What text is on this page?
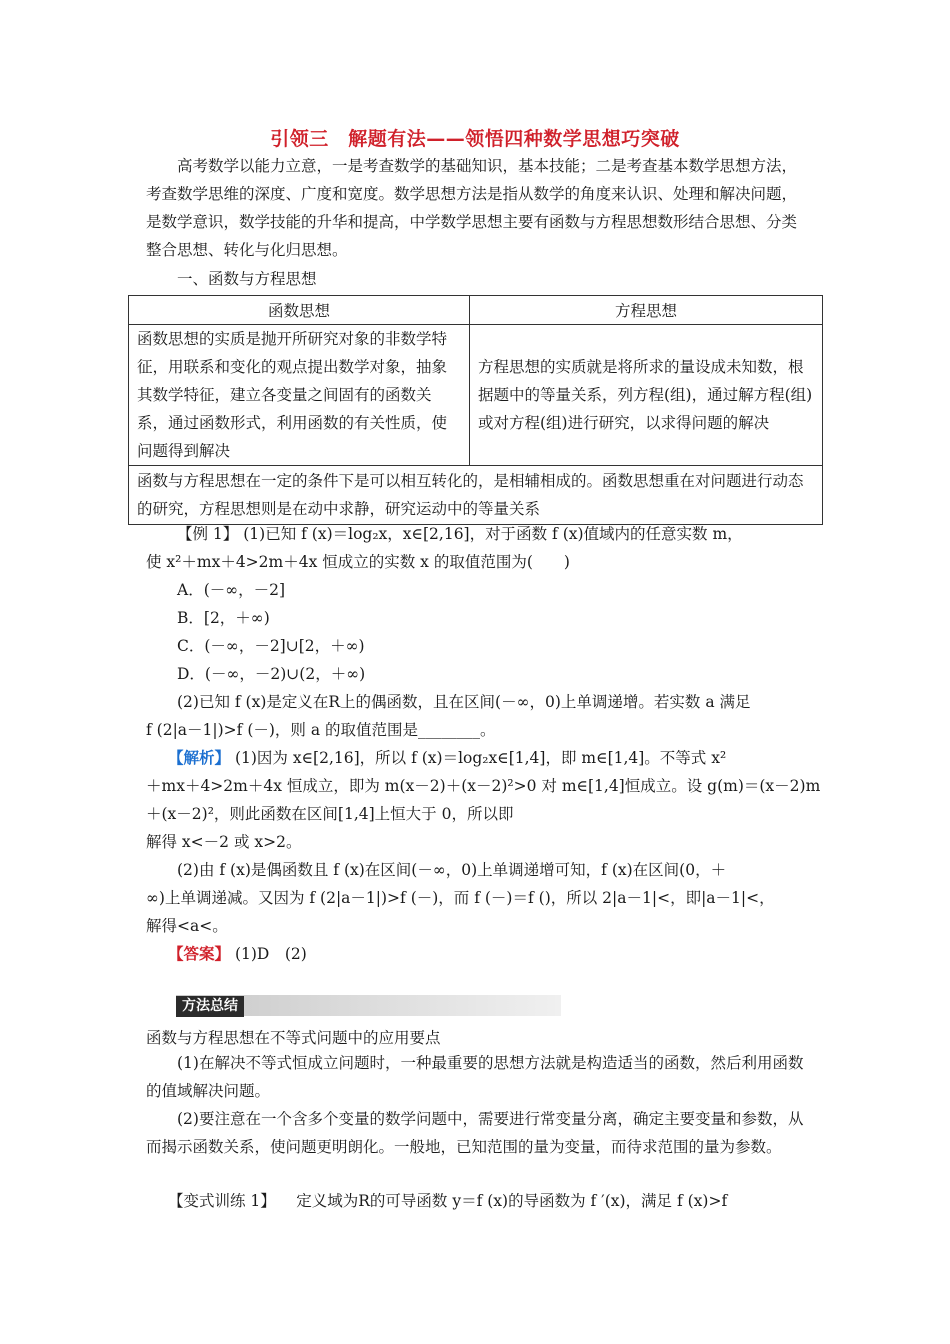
引领三　解题有法——领悟四种数学思想巧突破
高考数学以能力立意，一是考查数学的基础知识，基本技能；二是考查基本数学思想方法，考查数学思维的深度、广度和宽度。数学思想方法是指从数学的角度来认识、处理和解决问题，是数学意识，数学技能的升华和提高，中学数学思想主要有函数与方程思想数形结合思想、分类整合思想、转化与化归思想。
一、函数与方程思想
函数思想	方程思想
函数思想的实质是抛开所研究对象的非数学特征，用联系和变化的观点提出数学对象，抽象其数学特征，建立各变量之间固有的函数关系，通过函数形式，利用函数的有关性质，使问题得到解决	方程思想的实质就是将所求的量设成未知数，根据题中的等量关系，列方程(组)，通过解方程(组)或对方程(组)进行研究，以求得问题的解决
函数与方程思想在一定的条件下是可以相互转化的，是相辅相成的。函数思想重在对问题进行动态的研究，方程思想则是在动中求静，研究运动中的等量关系	
【例 1】 (1)已知 f (x)＝log₂x，x∈[2,16]，对于函数 f (x)值域内的任意实数 m，
使 x²＋mx＋4>2m＋4x 恒成立的实数 x 的取值范围为(　　)
A．(－∞，－2]
B．[2，＋∞)
C．(－∞，－2]∪[2，＋∞)
D．(－∞，－2)∪(2，＋∞)
(2)已知 f (x)是定义在R上的偶函数，且在区间(－∞，0)上单调递增。若实数 a 满足
f (2|a－1|)>f (－)，则 a 的取值范围是________。
【解析】 (1)因为 x∈[2,16]，所以 f (x)＝log₂x∈[1,4]，即 m∈[1,4]。不等式 x²
＋mx＋4>2m＋4x 恒成立，即为 m(x－2)＋(x－2)²>0 对 m∈[1,4]恒成立。设 g(m)＝(x－2)m
＋(x－2)²，则此函数在区间[1,4]上恒大于 0，所以即
解得 x<－2 或 x>2。
(2)由 f (x)是偶函数且 f (x)在区间(－∞，0)上单调递增可知，f (x)在区间(0，＋
∞)上单调递减。又因为 f (2|a－1|)>f (－)，而 f (－)＝f ()，所以 2|a－1|<，即|a－1|<，
解得<a<。
【答案】 (1)D　(2)
方法总结
函数与方程思想在不等式问题中的应用要点
(1)在解决不等式恒成立问题时，一种最重要的思想方法就是构造适当的函数，然后利用函数的值域解决问题。
(2)要注意在一个含多个变量的数学问题中，需要进行常变量分离，确定主要变量和参数，从而揭示函数关系，使问题更明朗化。一般地，已知范围的量为变量，而待求范围的量为参数。
【变式训练 1】 　定义域为R的可导函数 y＝f (x)的导函数为 f ′(x)，满足 f (x)>f
